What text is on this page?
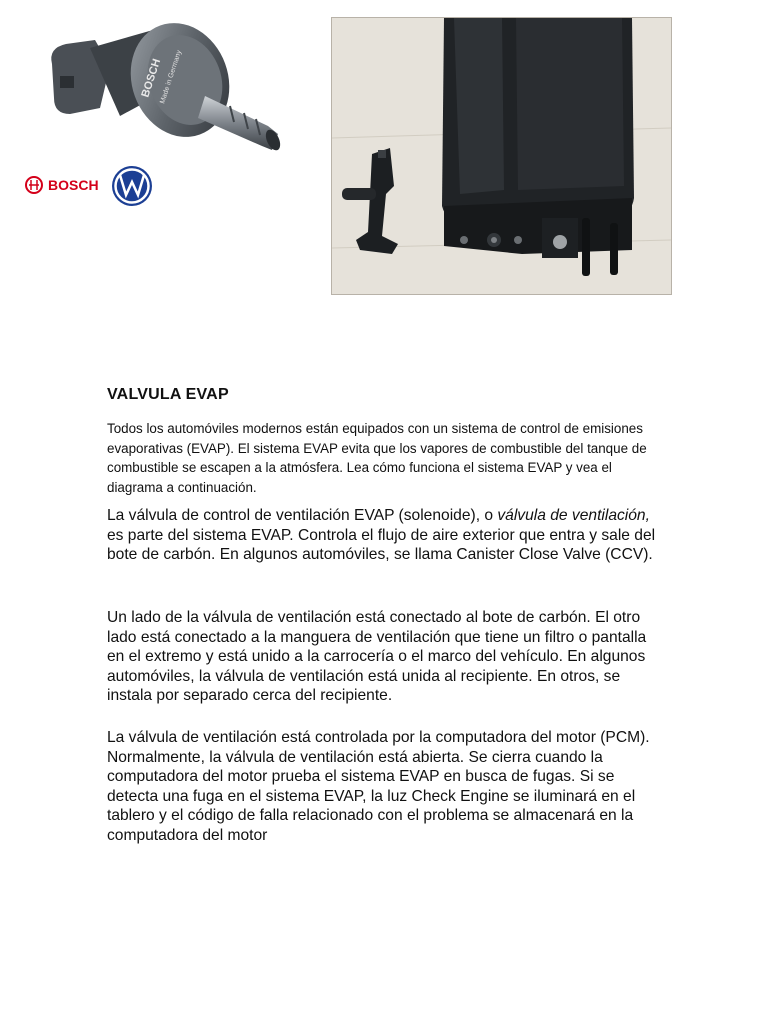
BOSCH
Made in Germany
BOSCH
VALVULA EVAP

Todos los automóviles modernos están equipados con un sistema de control de emisiones evaporativas (EVAP). El sistema EVAP evita que los vapores de combustible del tanque de combustible se escapen a la atmósfera. Lea cómo funciona el sistema EVAP y vea el diagrama a continuación.

La válvula de control de ventilación EVAP (solenoide), o válvula de ventilación, es parte del sistema EVAP. Controla el flujo de aire exterior que entra y sale del bote de carbón. En algunos automóviles, se llama Canister Close Valve (CCV).

Un lado de la válvula de ventilación está conectado al bote de carbón. El otro lado está conectado a la manguera de ventilación que tiene un filtro o pantalla en el extremo y está unido a la carrocería o el marco del vehículo. En algunos automóviles, la válvula de ventilación está unida al recipiente. En otros, se instala por separado cerca del recipiente.

La válvula de ventilación está controlada por la computadora del motor (PCM). Normalmente, la válvula de ventilación está abierta. Se cierra cuando la computadora del motor prueba el sistema EVAP en busca de fugas. Si se detecta una fuga en el sistema EVAP, la luz Check Engine se iluminará en el tablero y el código de falla relacionado con el problema se almacenará en la computadora del motor
